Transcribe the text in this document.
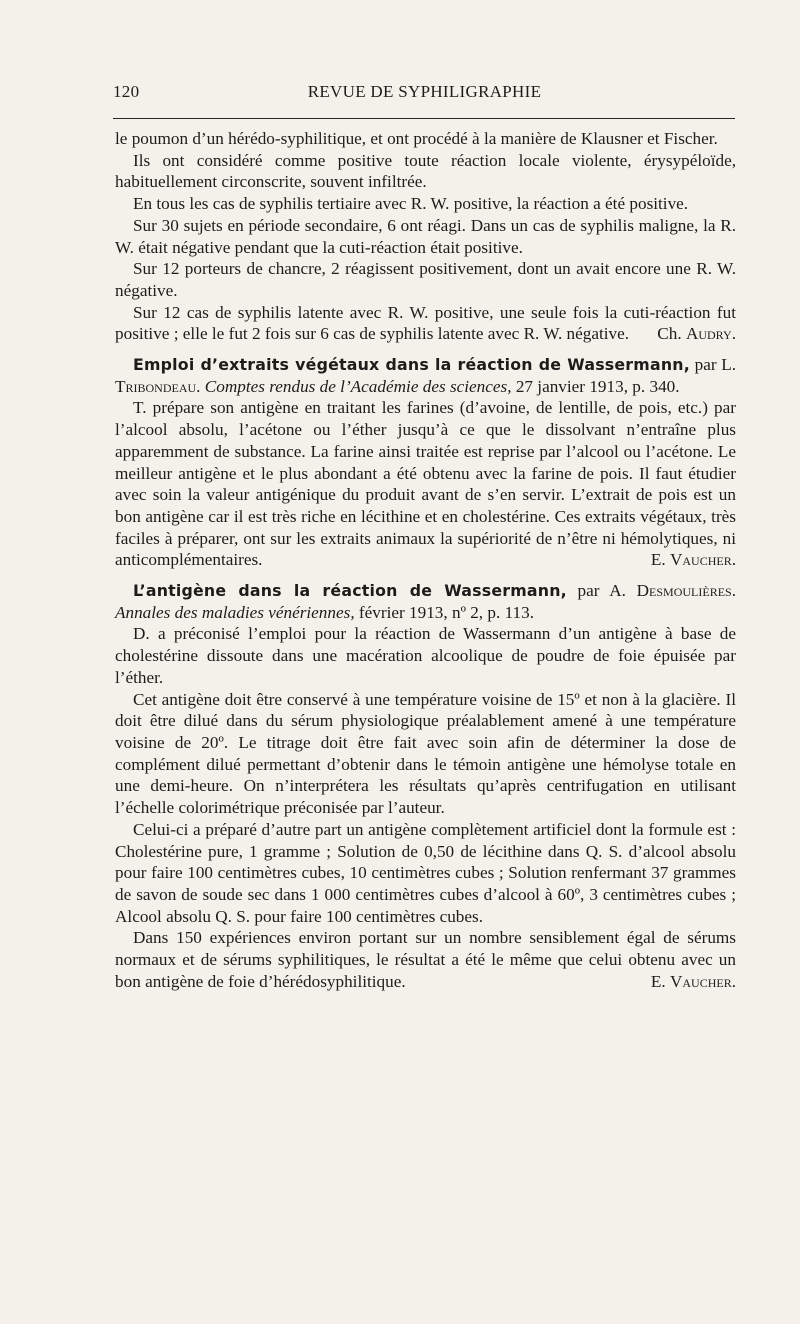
120	REVUE DE SYPHILIGRAPHIE

le poumon d’un hérédo-syphilitique, et ont procédé à la manière de Klausner et Fischer.

Ils ont considéré comme positive toute réaction locale violente, érysypéloïde, habituellement circonscrite, souvent infiltrée.

En tous les cas de syphilis tertiaire avec R. W. positive, la réaction a été positive.

Sur 30 sujets en période secondaire, 6 ont réagi. Dans un cas de syphilis maligne, la R. W. était négative pendant que la cuti-réaction était positive.

Sur 12 porteurs de chancre, 2 réagissent positivement, dont un avait encore une R. W. négative.

Sur 12 cas de syphilis latente avec R. W. positive, une seule fois la cuti-réaction fut positive ; elle le fut 2 fois sur 6 cas de syphilis latente avec R. W. négative. Ch. Audry.

Emploi d’extraits végétaux dans la réaction de Wassermann, par L. Tribondeau. Comptes rendus de l’Académie des sciences, 27 janvier 1913, p. 340.

T. prépare son antigène en traitant les farines (d’avoine, de lentille, de pois, etc.) par l’alcool absolu, l’acétone ou l’éther jusqu’à ce que le dissolvant n’entraîne plus apparemment de substance. La farine ainsi traitée est reprise par l’alcool ou l’acétone. Le meilleur antigène et le plus abondant a été obtenu avec la farine de pois. Il faut étudier avec soin la valeur antigénique du produit avant de s’en servir. L’extrait de pois est un bon antigène car il est très riche en lécithine et en cholestérine. Ces extraits végétaux, très faciles à préparer, ont sur les extraits animaux la supériorité de n’être ni hémolytiques, ni anticomplémentaires.	E. Vaucher.

L’antigène dans la réaction de Wassermann, par A. Desmoulières. Annales des maladies vénériennes, février 1913, nº 2, p. 113.

D. a préconisé l’emploi pour la réaction de Wassermann d’un antigène à base de cholestérine dissoute dans une macération alcoolique de poudre de foie épuisée par l’éther.

Cet antigène doit être conservé à une température voisine de 15º et non à la glacière. Il doit être dilué dans du sérum physiologique préalablement amené à une température voisine de 20º. Le titrage doit être fait avec soin afin de déterminer la dose de complément dilué permettant d’obtenir dans le témoin antigène une hémolyse totale en une demi-heure. On n’interprétera les résultats qu’après centrifugation en utilisant l’échelle colorimétrique préconisée par l’auteur.

Celui-ci a préparé d’autre part un antigène complètement artificiel dont la formule est : Cholestérine pure, 1 gramme ; Solution de 0,50 de lécithine dans Q. S. d’alcool absolu pour faire 100 centimètres cubes, 10 centimètres cubes ; Solution renfermant 37 grammes de savon de soude sec dans 1 000 centimètres cubes d’alcool à 60º, 3 centimètres cubes ; Alcool absolu Q. S. pour faire 100 centimètres cubes.

Dans 150 expériences environ portant sur un nombre sensiblement égal de sérums normaux et de sérums syphilitiques, le résultat a été le même que celui obtenu avec un bon antigène de foie d’hérédosyphilitique.	E. Vaucher.
